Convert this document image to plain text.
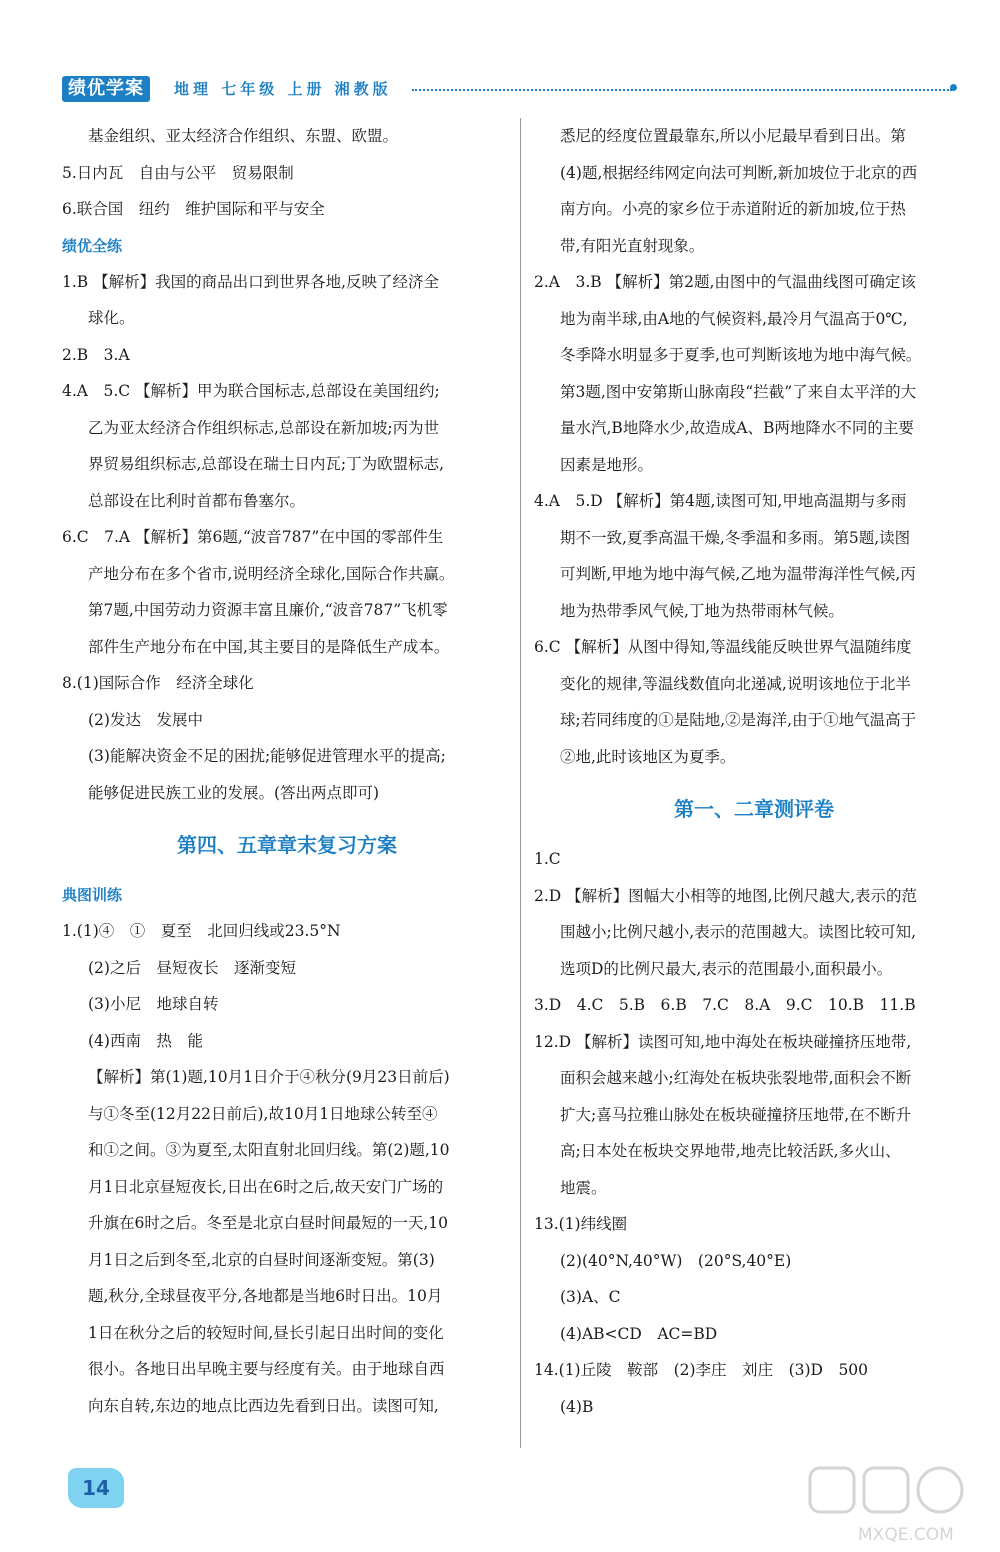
绩优学案	地理 七年级 上册 湘教版
基金组织、亚太经济合作组织、东盟、欧盟。
5.日内瓦　自由与公平　贸易限制
6.联合国　纽约　维护国际和平与安全
绩优全练
1.B 【解析】我国的商品出口到世界各地,反映了经济全
球化。
2.B　3.A
4.A　5.C 【解析】甲为联合国标志,总部设在美国纽约;
乙为亚太经济合作组织标志,总部设在新加坡;丙为世
界贸易组织标志,总部设在瑞士日内瓦;丁为欧盟标志,
总部设在比利时首都布鲁塞尔。
6.C　7.A 【解析】第6题,“波音787”在中国的零部件生
产地分布在多个省市,说明经济全球化,国际合作共赢。
第7题,中国劳动力资源丰富且廉价,“波音787”飞机零
部件生产地分布在中国,其主要目的是降低生产成本。
8.(1)国际合作　经济全球化
(2)发达　发展中
(3)能解决资金不足的困扰;能够促进管理水平的提高;
能够促进民族工业的发展。(答出两点即可)
第四、五章章末复习方案
典图训练
1.(1)④　①　夏至　北回归线或23.5°N
(2)之后　昼短夜长　逐渐变短
(3)小尼　地球自转
(4)西南　热　能
【解析】第(1)题,10月1日介于④秋分(9月23日前后)
与①冬至(12月22日前后),故10月1日地球公转至④
和①之间。③为夏至,太阳直射北回归线。第(2)题,10
月1日北京昼短夜长,日出在6时之后,故天安门广场的
升旗在6时之后。冬至是北京白昼时间最短的一天,10
月1日之后到冬至,北京的白昼时间逐渐变短。第(3)
题,秋分,全球昼夜平分,各地都是当地6时日出。10月
1日在秋分之后的较短时间,昼长引起日出时间的变化
很小。各地日出早晚主要与经度有关。由于地球自西
向东自转,东边的地点比西边先看到日出。读图可知,
悉尼的经度位置最靠东,所以小尼最早看到日出。第
(4)题,根据经纬网定向法可判断,新加坡位于北京的西
南方向。小亮的家乡位于赤道附近的新加坡,位于热
带,有阳光直射现象。
2.A　3.B 【解析】第2题,由图中的气温曲线图可确定该
地为南半球,由A地的气候资料,最冷月气温高于0℃,
冬季降水明显多于夏季,也可判断该地为地中海气候。
第3题,图中安第斯山脉南段“拦截”了来自太平洋的大
量水汽,B地降水少,故造成A、B两地降水不同的主要
因素是地形。
4.A　5.D 【解析】第4题,读图可知,甲地高温期与多雨
期不一致,夏季高温干燥,冬季温和多雨。第5题,读图
可判断,甲地为地中海气候,乙地为温带海洋性气候,丙
地为热带季风气候,丁地为热带雨林气候。
6.C 【解析】从图中得知,等温线能反映世界气温随纬度
变化的规律,等温线数值向北递减,说明该地位于北半
球;若同纬度的①是陆地,②是海洋,由于①地气温高于
②地,此时该地区为夏季。
第一、二章测评卷
1.C
2.D 【解析】图幅大小相等的地图,比例尺越大,表示的范
围越小;比例尺越小,表示的范围越大。读图比较可知,
选项D的比例尺最大,表示的范围最小,面积最小。
3.D　4.C　5.B　6.B　7.C　8.A　9.C　10.B　11.B
12.D 【解析】读图可知,地中海处在板块碰撞挤压地带,
面积会越来越小;红海处在板块张裂地带,面积会不断
扩大;喜马拉雅山脉处在板块碰撞挤压地带,在不断升
高;日本处在板块交界地带,地壳比较活跃,多火山、
地震。
13.(1)纬线圈
(2)(40°N,40°W)　(20°S,40°E)
(3)A、C
(4)AB<CD　AC=BD
14.(1)丘陵　鞍部　(2)李庄　刘庄　(3)D　500
(4)B
14
MXQE.COM
